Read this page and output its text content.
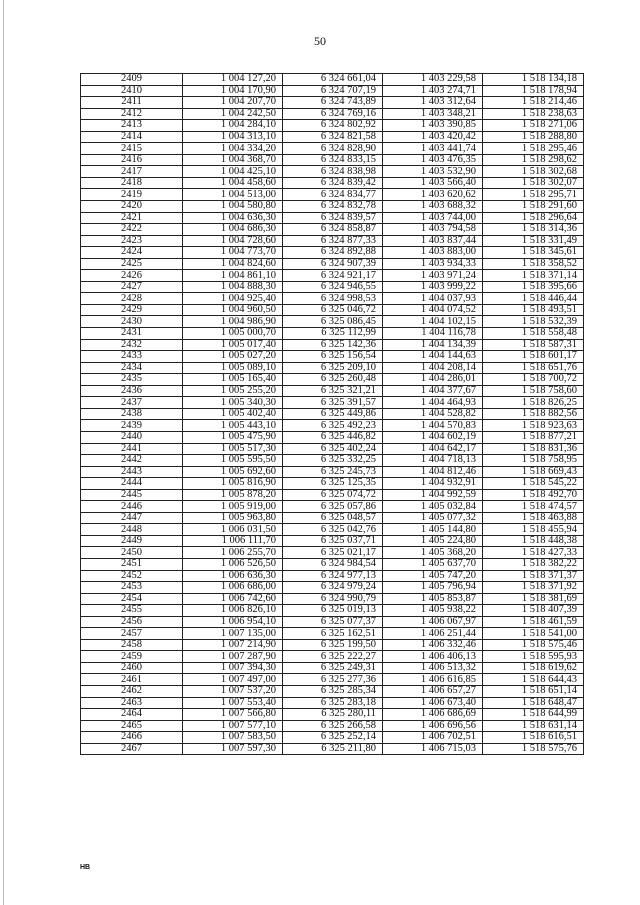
50
2409	1 004 127,20	6 324 661,04	1 403 229,58	1 518 134,18
2410	1 004 170,90	6 324 707,19	1 403 274,71	1 518 178,94
2411	1 004 207,70	6 324 743,89	1 403 312,64	1 518 214,46
2412	1 004 242,50	6 324 769,16	1 403 348,21	1 518 238,63
2413	1 004 284,10	6 324 802,92	1 403 390,85	1 518 271,06
2414	1 004 313,10	6 324 821,58	1 403 420,42	1 518 288,80
2415	1 004 334,20	6 324 828,90	1 403 441,74	1 518 295,46
2416	1 004 368,70	6 324 833,15	1 403 476,35	1 518 298,62
2417	1 004 425,10	6 324 838,98	1 403 532,90	1 518 302,68
2418	1 004 458,60	6 324 839,42	1 403 566,40	1 518 302,07
2419	1 004 513,00	6 324 834,77	1 403 620,62	1 518 295,71
2420	1 004 580,80	6 324 832,78	1 403 688,32	1 518 291,60
2421	1 004 636,30	6 324 839,57	1 403 744,00	1 518 296,64
2422	1 004 686,30	6 324 858,87	1 403 794,58	1 518 314,36
2423	1 004 728,60	6 324 877,33	1 403 837,44	1 518 331,49
2424	1 004 773,70	6 324 892,88	1 403 883,00	1 518 345,61
2425	1 004 824,60	6 324 907,39	1 403 934,33	1 518 358,52
2426	1 004 861,10	6 324 921,17	1 403 971,24	1 518 371,14
2427	1 004 888,30	6 324 946,55	1 403 999,22	1 518 395,66
2428	1 004 925,40	6 324 998,53	1 404 037,93	1 518 446,44
2429	1 004 960,50	6 325 046,72	1 404 074,52	1 518 493,51
2430	1 004 986,90	6 325 086,45	1 404 102,15	1 518 532,39
2431	1 005 000,70	6 325 112,99	1 404 116,78	1 518 558,48
2432	1 005 017,40	6 325 142,36	1 404 134,39	1 518 587,31
2433	1 005 027,20	6 325 156,54	1 404 144,63	1 518 601,17
2434	1 005 089,10	6 325 209,10	1 404 208,14	1 518 651,76
2435	1 005 165,40	6 325 260,48	1 404 286,01	1 518 700,72
2436	1 005 255,20	6 325 321,21	1 404 377,67	1 518 758,60
2437	1 005 340,30	6 325 391,57	1 404 464,93	1 518 826,25
2438	1 005 402,40	6 325 449,86	1 404 528,82	1 518 882,56
2439	1 005 443,10	6 325 492,23	1 404 570,83	1 518 923,63
2440	1 005 475,90	6 325 446,82	1 404 602,19	1 518 877,21
2441	1 005 517,30	6 325 402,24	1 404 642,17	1 518 831,36
2442	1 005 595,50	6 325 332,25	1 404 718,13	1 518 758,95
2443	1 005 692,60	6 325 245,73	1 404 812,46	1 518 669,43
2444	1 005 816,90	6 325 125,35	1 404 932,91	1 518 545,22
2445	1 005 878,20	6 325 074,72	1 404 992,59	1 518 492,70
2446	1 005 919,00	6 325 057,86	1 405 032,84	1 518 474,57
2447	1 005 963,80	6 325 048,57	1 405 077,32	1 518 463,88
2448	1 006 031,50	6 325 042,76	1 405 144,80	1 518 455,94
2449	1 006 111,70	6 325 037,71	1 405 224,80	1 518 448,38
2450	1 006 255,70	6 325 021,17	1 405 368,20	1 518 427,33
2451	1 006 526,50	6 324 984,54	1 405 637,70	1 518 382,22
2452	1 006 636,30	6 324 977,13	1 405 747,20	1 518 371,37
2453	1 006 686,00	6 324 979,24	1 405 796,94	1 518 371,92
2454	1 006 742,60	6 324 990,79	1 405 853,87	1 518 381,69
2455	1 006 826,10	6 325 019,13	1 405 938,22	1 518 407,39
2456	1 006 954,10	6 325 077,37	1 406 067,97	1 518 461,59
2457	1 007 135,00	6 325 162,51	1 406 251,44	1 518 541,00
2458	1 007 214,90	6 325 199,50	1 406 332,46	1 518 575,46
2459	1 007 287,90	6 325 222,27	1 406 406,13	1 518 595,93
2460	1 007 394,30	6 325 249,31	1 406 513,32	1 518 619,62
2461	1 007 497,00	6 325 277,36	1 406 616,85	1 518 644,43
2462	1 007 537,20	6 325 285,34	1 406 657,27	1 518 651,14
2463	1 007 553,40	6 325 283,18	1 406 673,40	1 518 648,47
2464	1 007 566,80	6 325 280,11	1 406 686,69	1 518 644,99
2465	1 007 577,10	6 325 266,58	1 406 696,56	1 518 631,14
2466	1 007 583,50	6 325 252,14	1 406 702,51	1 518 616,51
2467	1 007 597,30	6 325 211,80	1 406 715,03	1 518 575,76
HB
